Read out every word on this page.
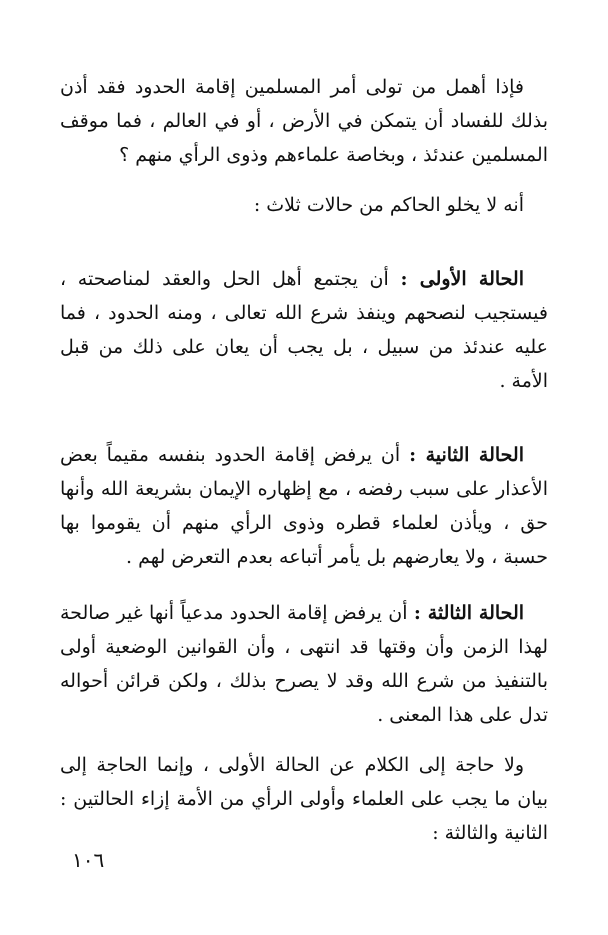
فإذا أهمل من تولى أمر المسلمين إقامة الحدود فقد أذن بذلك للفساد أن يتمكن في الأرض ، أو في العالم ، فما موقف المسلمين عندئذ ، وبخاصة علماءهم وذوى الرأي منهم ؟

أنه لا يخلو الحاكم من حالات ثلاث :

الحالة الأولى : أن يجتمع أهل الحل والعقد لمناصحته ، فيستجيب لنصحهم وينفذ شرع الله تعالى ، ومنه الحدود ، فما عليه عندئذ من سبيل ، بل يجب أن يعان على ذلك من قبل الأمة .

الحالة الثانية : أن يرفض إقامة الحدود بنفسه مقيماً بعض الأعذار على سبب رفضه ، مع إظهاره الإيمان بشريعة الله وأنها حق ، ويأذن لعلماء قطره وذوى الرأي منهم أن يقوموا بها حسبة ، ولا يعارضهم بل يأمر أتباعه بعدم التعرض لهم .

الحالة الثالثة : أن يرفض إقامة الحدود مدعياً أنها غير صالحة لهذا الزمن وأن وقتها قد انتهى ، وأن القوانين الوضعية أولى بالتنفيذ من شرع الله وقد لا يصرح بذلك ، ولكن قرائن أحواله تدل على هذا المعنى .

ولا حاجة إلى الكلام عن الحالة الأولى ، وإنما الحاجة إلى بيان ما يجب على العلماء وأولى الرأي من الأمة إزاء الحالتين : الثانية والثالثة :

١٠٦
